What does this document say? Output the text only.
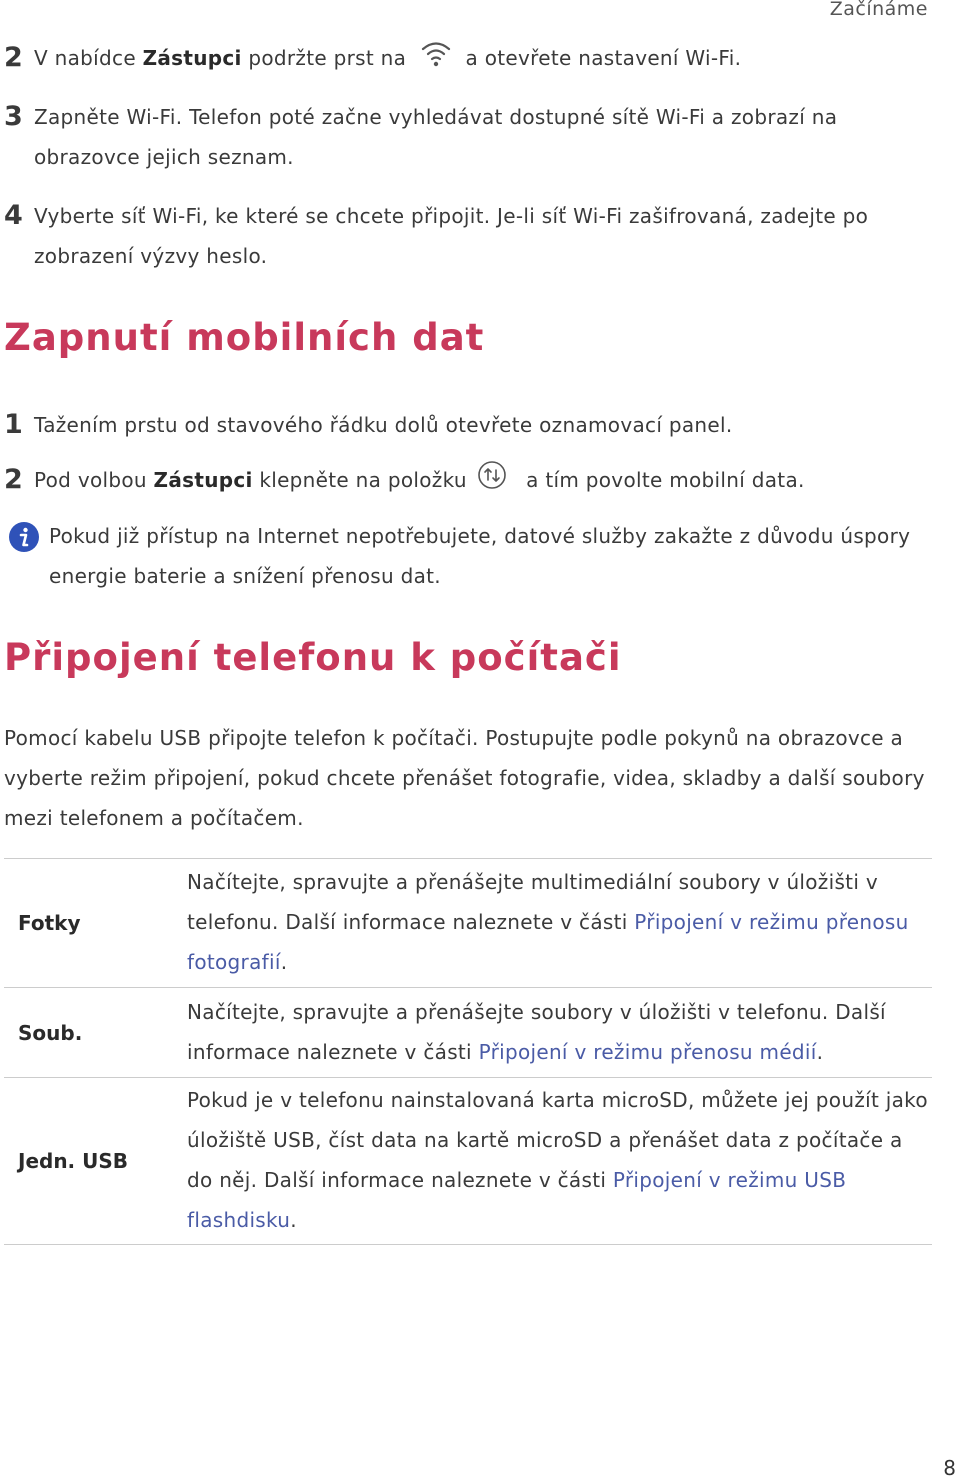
Začínáme
2 V nabídce Zástupci podržte prst na  a otevřete nastavení Wi-Fi.
3 Zapněte Wi-Fi. Telefon poté začne vyhledávat dostupné sítě Wi-Fi a zobrazí na obrazovce jejich seznam.
4 Vyberte síť Wi-Fi, ke které se chcete připojit. Je-li síť Wi-Fi zašifrovaná, zadejte po zobrazení výzvy heslo.
Zapnutí mobilních dat
1 Tažením prstu od stavového řádku dolů otevřete oznamovací panel.
2 Pod volbou Zástupci klepněte na položku  a tím povolte mobilní data.
Pokud již přístup na Internet nepotřebujete, datové služby zakažte z důvodu úspory energie baterie a snížení přenosu dat.
Připojení telefonu k počítači
Pomocí kabelu USB připojte telefon k počítači. Postupujte podle pokynů na obrazovce a vyberte režim připojení, pokud chcete přenášet fotografie, videa, skladby a další soubory mezi telefonem a počítačem.
Fotky	Načítejte, spravujte a přenášejte multimediální soubory v úložišti v telefonu. Další informace naleznete v části Připojení v režimu přenosu fotografií.
Soub.	Načítejte, spravujte a přenášejte soubory v úložišti v telefonu. Další informace naleznete v části Připojení v režimu přenosu médií.
Jedn. USB	Pokud je v telefonu nainstalovaná karta microSD, můžete jej použít jako úložiště USB, číst data na kartě microSD a přenášet data z počítače a do něj. Další informace naleznete v části Připojení v režimu USB flashdisku.
8
